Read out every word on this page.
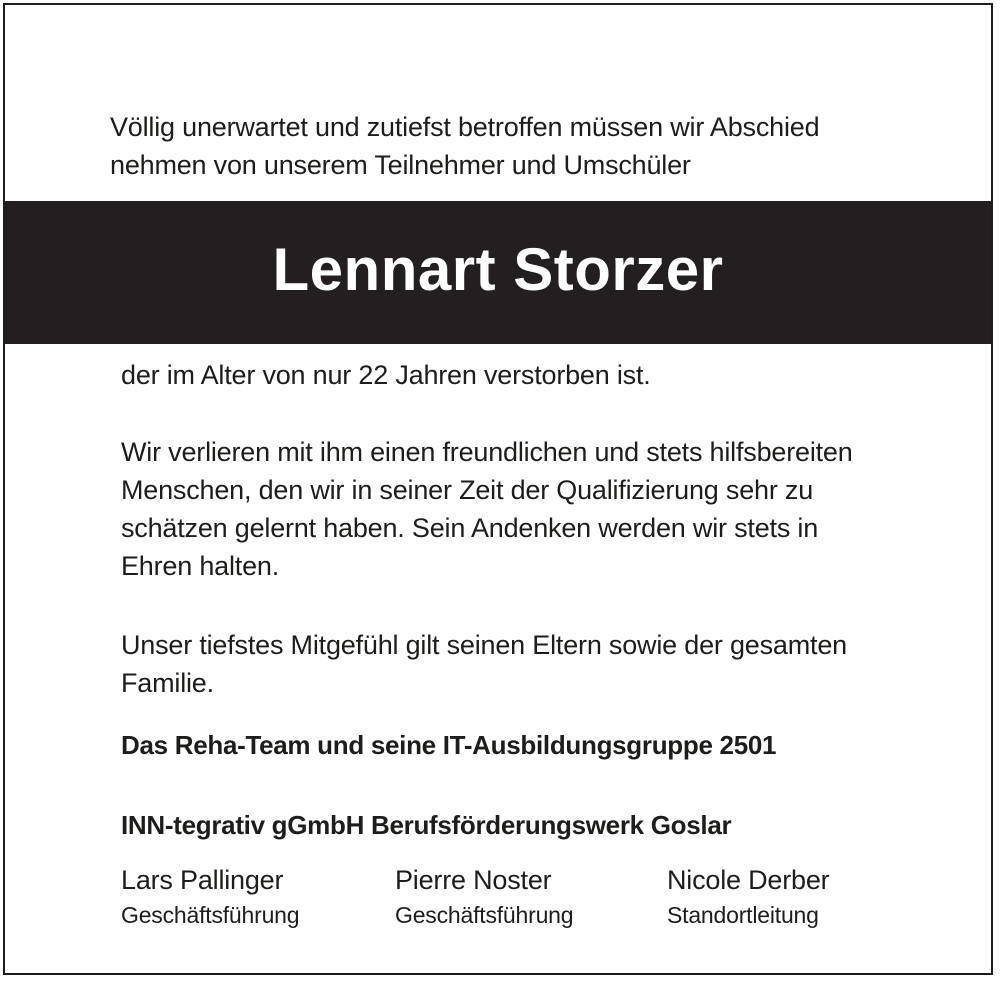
Völlig unerwartet und zutiefst betroffen müssen wir Abschied

nehmen von unserem Teilnehmer und Umschüler

Lennart Storzer

der im Alter von nur 22 Jahren verstorben ist.

Wir verlieren mit ihm einen freundlichen und stets hilfsbereiten

Menschen, den wir in seiner Zeit der Qualifizierung sehr zu

schätzen gelernt haben. Sein Andenken werden wir stets in

Ehren halten.

Unser tiefstes Mitgefühl gilt seinen Eltern sowie der gesamten

Familie.

Das Reha-Team und seine IT-Ausbildungsgruppe 2501
INN-tegrativ gGmbH Berufsförderungswerk Goslar
Lars Pallinger
Geschäftsführung
Pierre Noster
Geschäftsführung
Nicole Derber
Standortleitung
